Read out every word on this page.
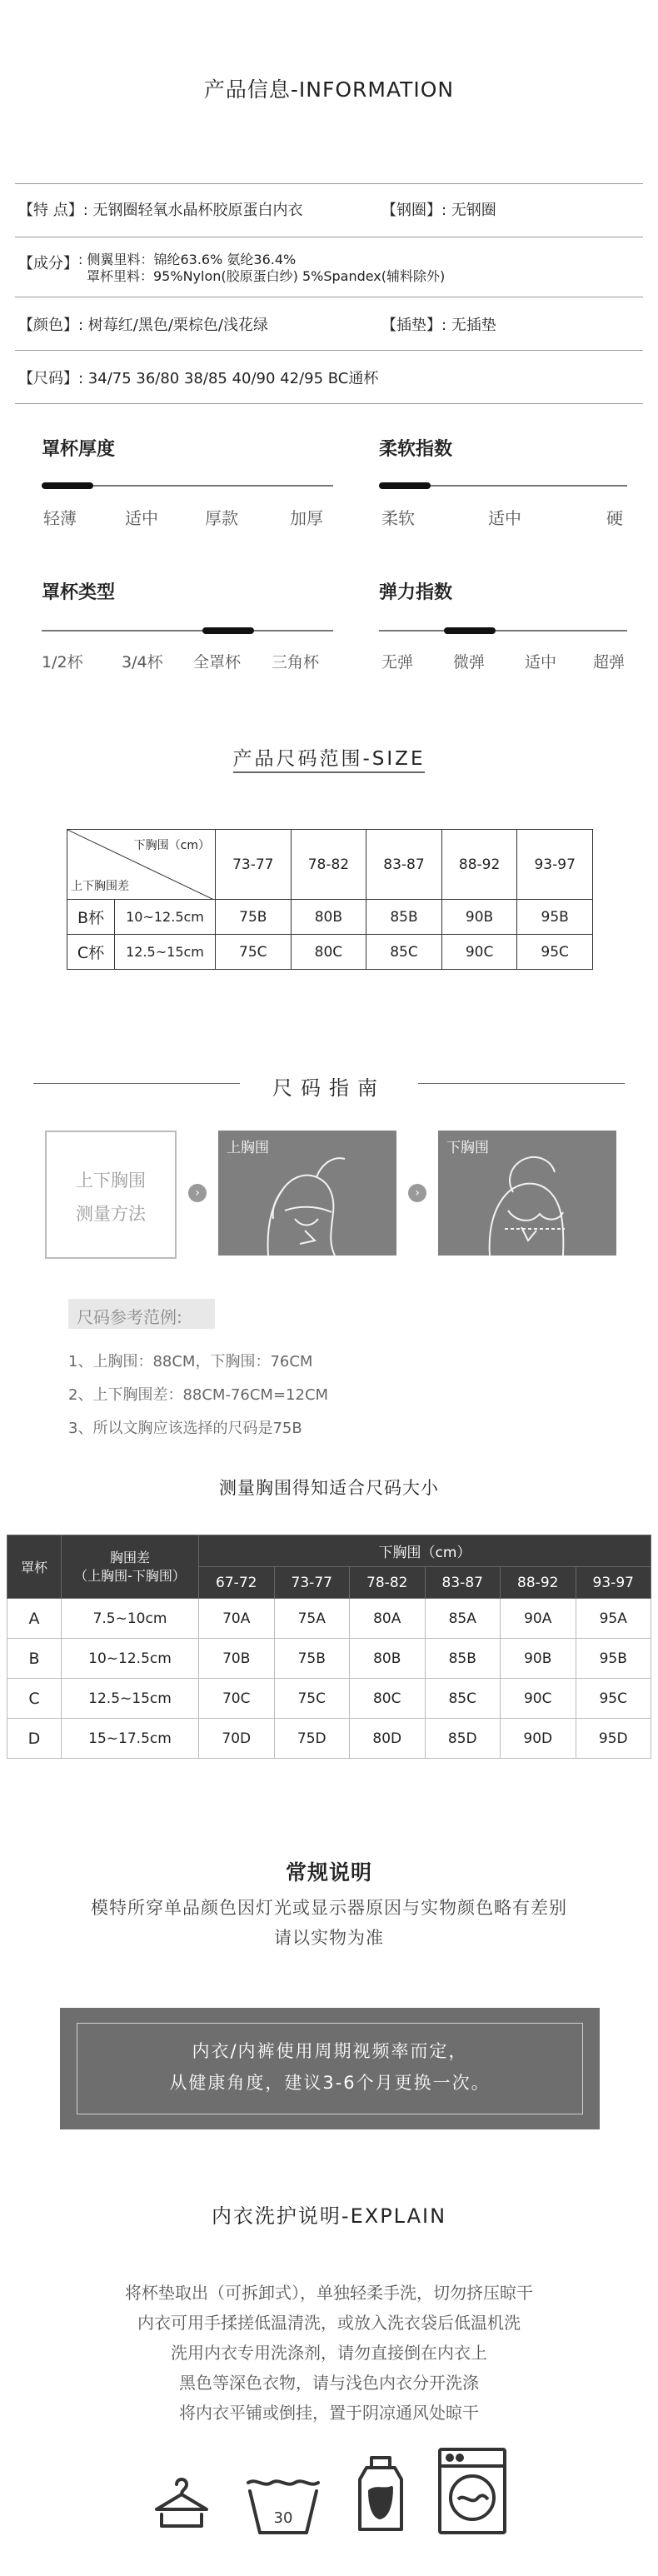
产品信息-INFORMATION
【特 点】: 无钢圈轻氧水晶杯胶原蛋白内衣	【钢圈】: 无钢圈
【成分】: 侧翼里料：锦纶63.6% 氨纶36.4%
罩杯里料：95%Nylon(胶原蛋白纱) 5%Spandex(辅料除外)
【颜色】: 树莓红/黑色/栗棕色/浅花绿	【插垫】: 无插垫
【尺码】: 34/75 36/80 38/85 40/90 42/95 BC通杯
罩杯厚度
轻薄	适中	厚款	加厚
柔软指数
柔软	适中	硬
罩杯类型
1/2杯 3/4杯 全罩杯 三角杯
弹力指数
无弹	微弹	适中 超弹
产品尺码范围-SIZE
下胸围（cm）
上下胸围差		73-77	78-82	83-87	88-92	93-97
B杯	10~12.5cm	75B	80B	85B	90B	95B
C杯	12.5~15cm	75C	80C	85C	90C	95C
尺码指南
上下胸围
测量方法
›
上胸围
›
下胸围
尺码参考范例:
1、上胸围：88CM，下胸围：76CM
2、上下胸围差：88CM-76CM=12CM
3、所以文胸应该选择的尺码是75B
测量胸围得知适合尺码大小
罩杯	胸围差
（上胸围-下胸围）	下胸围（cm）					
		67-72	73-77	78-82	83-87	88-92	93-97
A	7.5~10cm	70A	75A	80A	85A	90A	95A
B	10~12.5cm	70B	75B	80B	85B	90B	95B
C	12.5~15cm	70C	75C	80C	85C	90C	95C
D	15~17.5cm	70D	75D	80D	85D	90D	95D
常规说明
模特所穿单品颜色因灯光或显示器原因与实物颜色略有差别
请以实物为准
内衣/内裤使用周期视频率而定，
从健康角度，建议3-6个月更换一次。
内衣洗护说明-EXPLAIN
将杯垫取出（可拆卸式），单独轻柔手洗，切勿挤压晾干
内衣可用手揉搓低温清洗，或放入洗衣袋后低温机洗
洗用内衣专用洗涤剂，请勿直接倒在内衣上
黑色等深色衣物，请与浅色内衣分开洗涤
将内衣平铺或倒挂，置于阴凉通风处晾干
30
